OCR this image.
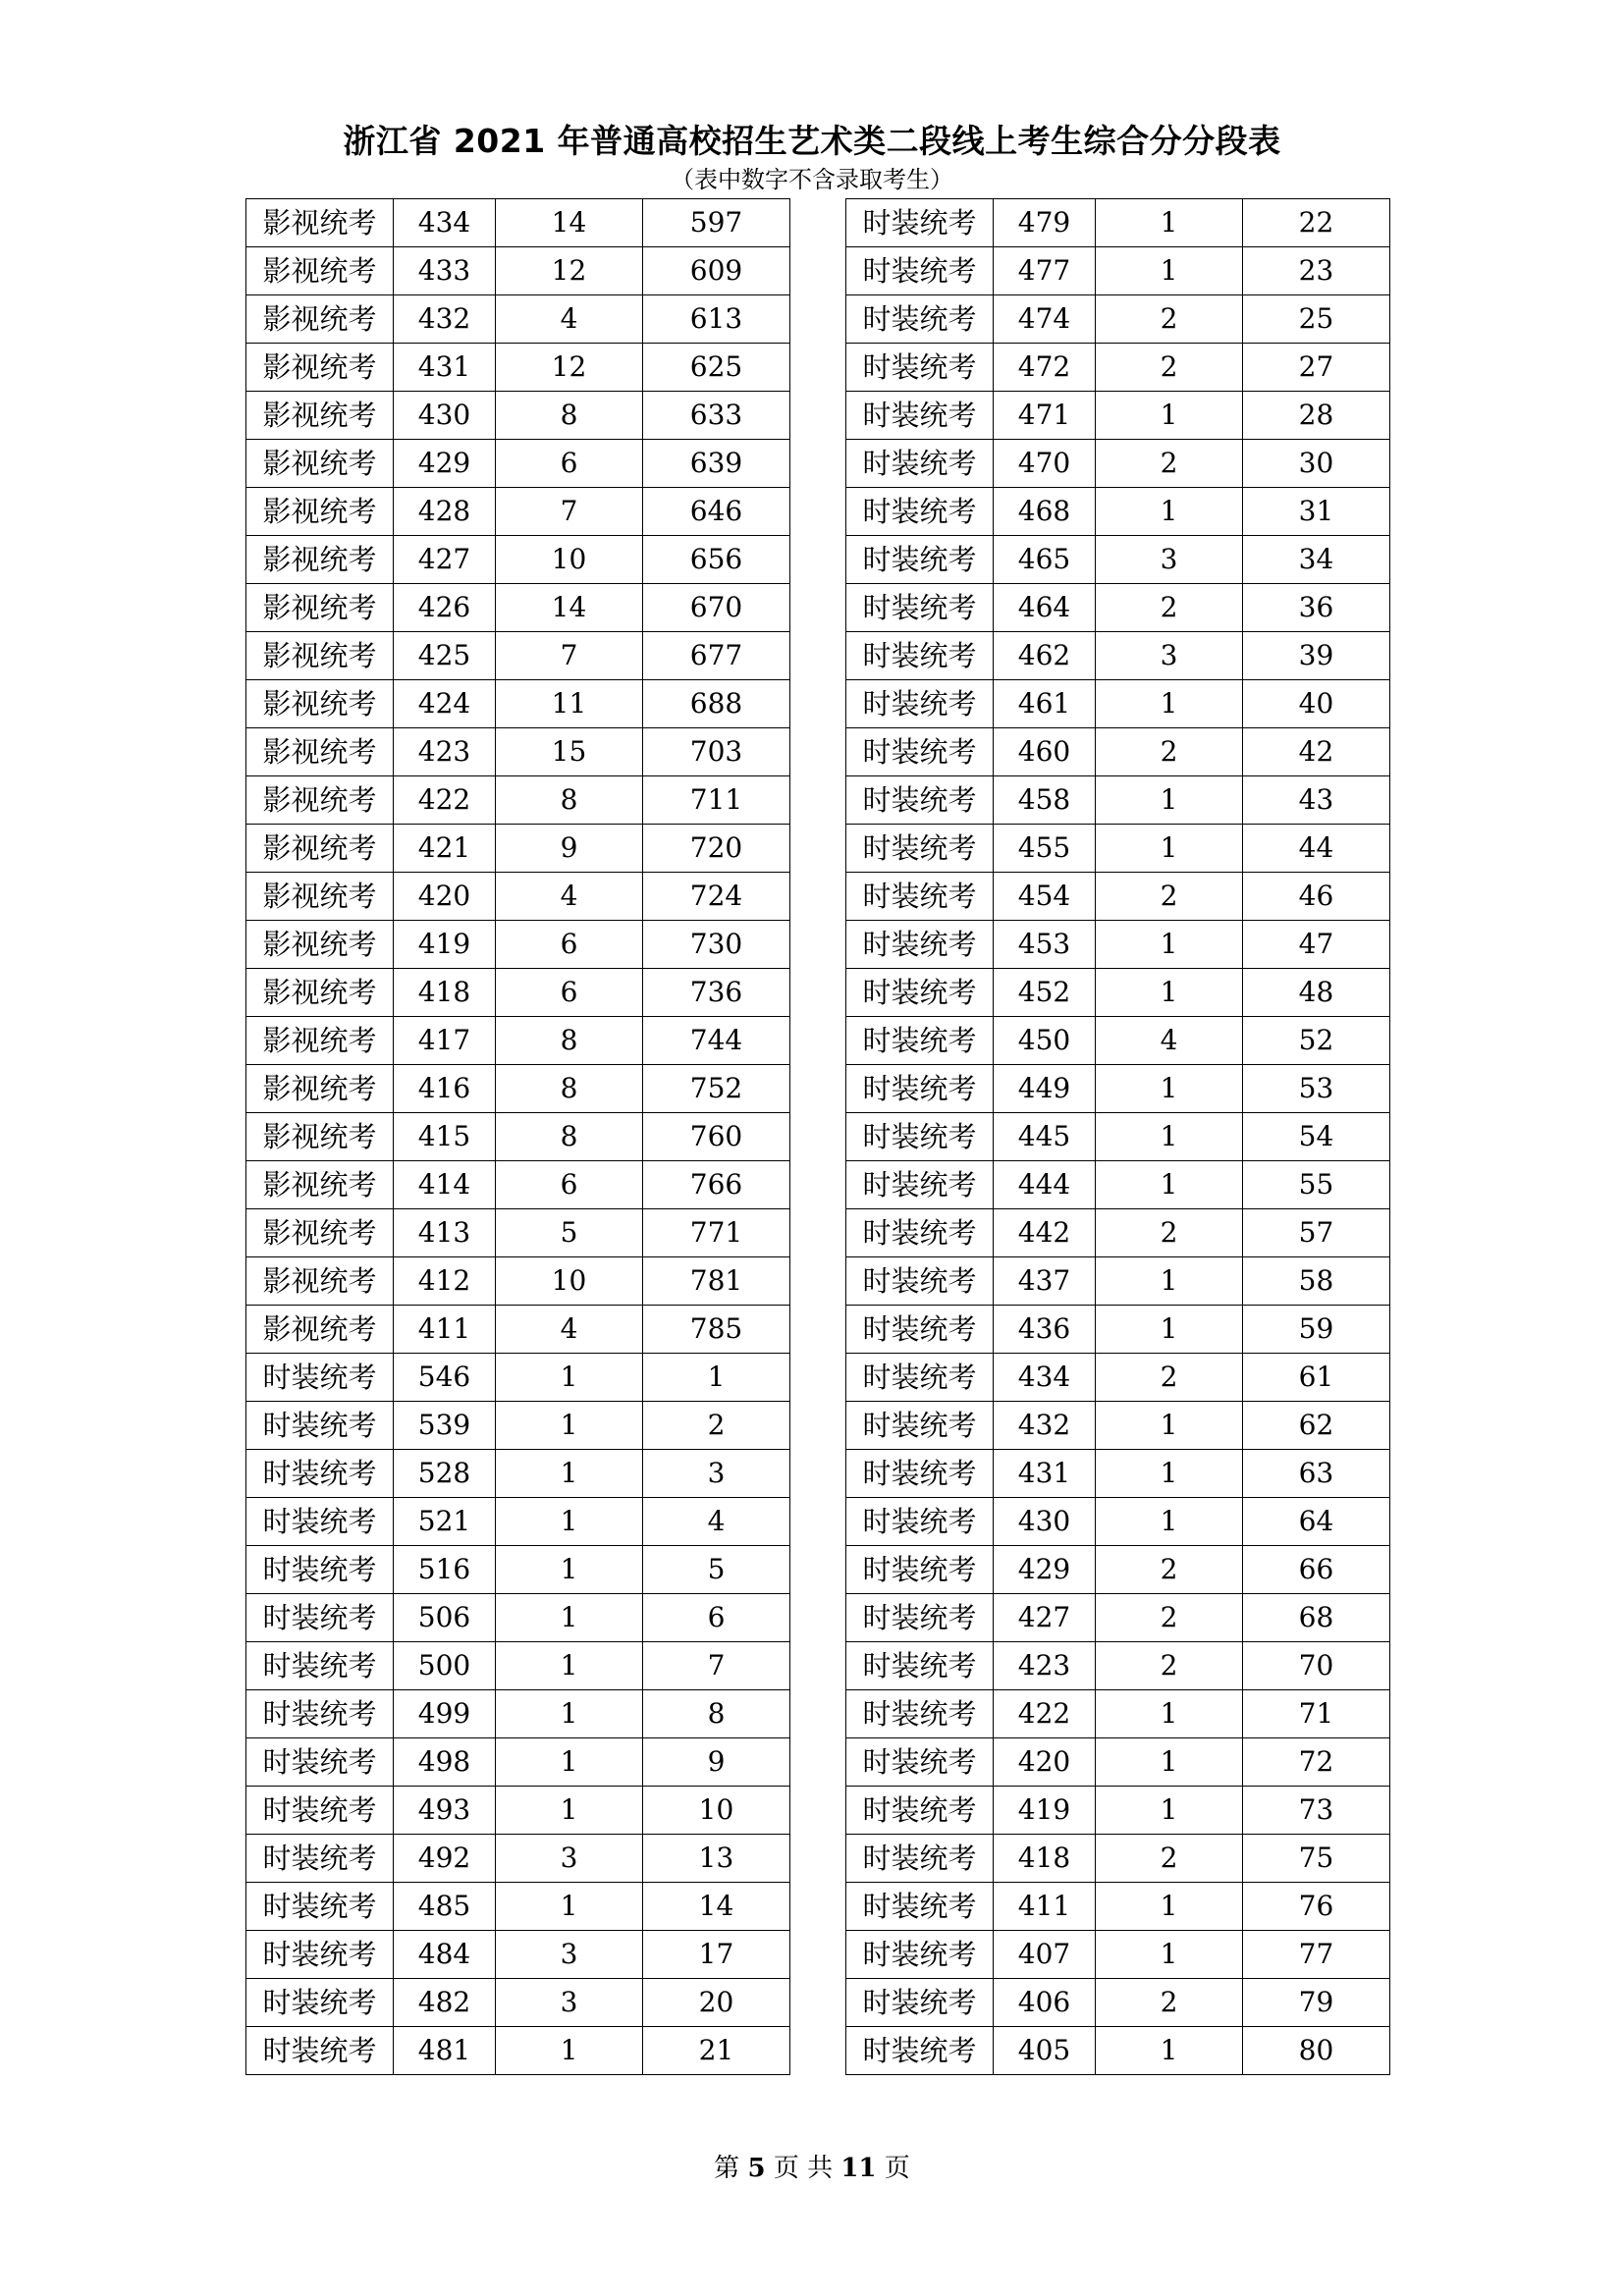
浙江省 2021 年普通高校招生艺术类二段线上考生综合分分段表
（表中数字不含录取考生）
影视统考	434	14	597
影视统考	433	12	609
影视统考	432	4	613
影视统考	431	12	625
影视统考	430	8	633
影视统考	429	6	639
影视统考	428	7	646
影视统考	427	10	656
影视统考	426	14	670
影视统考	425	7	677
影视统考	424	11	688
影视统考	423	15	703
影视统考	422	8	711
影视统考	421	9	720
影视统考	420	4	724
影视统考	419	6	730
影视统考	418	6	736
影视统考	417	8	744
影视统考	416	8	752
影视统考	415	8	760
影视统考	414	6	766
影视统考	413	5	771
影视统考	412	10	781
影视统考	411	4	785
时装统考	546	1	1
时装统考	539	1	2
时装统考	528	1	3
时装统考	521	1	4
时装统考	516	1	5
时装统考	506	1	6
时装统考	500	1	7
时装统考	499	1	8
时装统考	498	1	9
时装统考	493	1	10
时装统考	492	3	13
时装统考	485	1	14
时装统考	484	3	17
时装统考	482	3	20
时装统考	481	1	21
时装统考	479	1	22
时装统考	477	1	23
时装统考	474	2	25
时装统考	472	2	27
时装统考	471	1	28
时装统考	470	2	30
时装统考	468	1	31
时装统考	465	3	34
时装统考	464	2	36
时装统考	462	3	39
时装统考	461	1	40
时装统考	460	2	42
时装统考	458	1	43
时装统考	455	1	44
时装统考	454	2	46
时装统考	453	1	47
时装统考	452	1	48
时装统考	450	4	52
时装统考	449	1	53
时装统考	445	1	54
时装统考	444	1	55
时装统考	442	2	57
时装统考	437	1	58
时装统考	436	1	59
时装统考	434	2	61
时装统考	432	1	62
时装统考	431	1	63
时装统考	430	1	64
时装统考	429	2	66
时装统考	427	2	68
时装统考	423	2	70
时装统考	422	1	71
时装统考	420	1	72
时装统考	419	1	73
时装统考	418	2	75
时装统考	411	1	76
时装统考	407	1	77
时装统考	406	2	79
时装统考	405	1	80
第 5 页 共 11 页
